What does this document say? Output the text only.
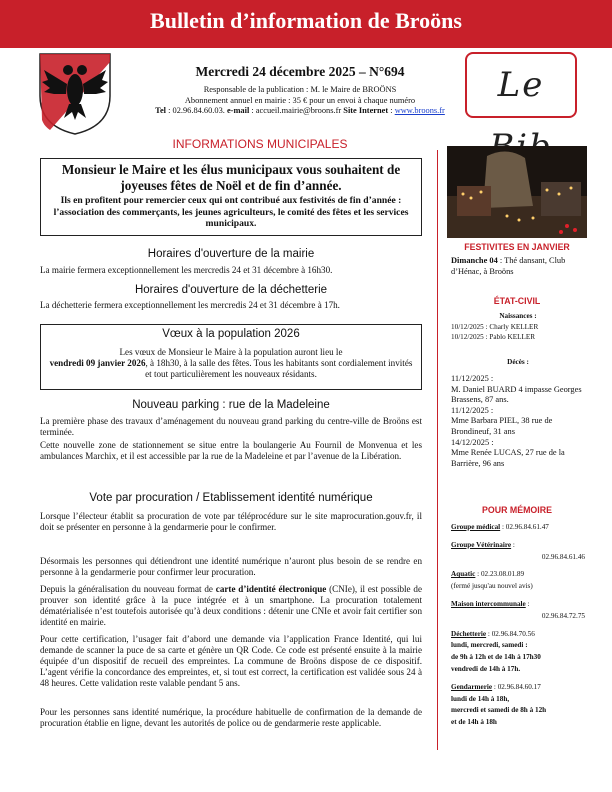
Bulletin d’information de Broöns
Le
Mercredi 24 décembre 2025 – N°694
Responsable de la publication : M. le Maire de BROÖNS
Abonnement annuel en mairie : 35 € pour un envoi à chaque numéro
Tel : 02.96.84.60.03. e-mail : accueil.mairie@broons.fr Site Internet : www.broons.fr
INFORMATIONS MUNICIPALES
Monsieur le Maire et les élus municipaux vous souhaitent de joyeuses fêtes de Noël et de fin d’année.
Ils en profitent pour remercier ceux qui ont contribué aux festivités de fin d’année : l’association des commerçants, les jeunes agriculteurs, le comité des fêtes et les services municipaux.
Horaires d'ouverture de la mairie
La mairie fermera exceptionnellement les mercredis 24 et 31 décembre à 16h30.
Horaires d'ouverture de la déchetterie
La déchetterie fermera exceptionnellement les mercredis 24 et 31 décembre à 17h.
Vœux à la population 2026
Les vœux de Monsieur le Maire à la population auront lieu le
vendredi 09 janvier 2026, à 18h30, à la salle des fêtes. Tous les habitants sont cordialement invités et tout particulièrement les nouveaux résidants.
Nouveau parking : rue de la Madeleine
La première phase des travaux d’aménagement du nouveau grand parking du centre-ville de Broöns est terminée.
Cette nouvelle zone de stationnement se situe entre la boulangerie Au Fournil de Monvenua et les ambulances Marchix, et il est accessible par la rue de la Madeleine et par l’avenue de la Libération.
Vote par procuration / Etablissement identité numérique
Lorsque l’électeur établit sa procuration de vote par téléprocédure sur le site maprocuration.gouv.fr, il doit se présenter en personne à la gendarmerie pour le confirmer.
Désormais les personnes qui détiendront une identité numérique n’auront plus besoin de se rendre en personne à la gendarmerie pour confirmer leur procuration.
Depuis la généralisation du nouveau format de carte d’identité électronique (CNIe), il est possible de prouver son identité grâce à la puce intégrée et à un smartphone. La procuration totalement dématérialisée n’est toutefois autorisée qu’à deux conditions : détenir une CNIe et avoir fait certifier son identité en mairie.
Pour cette certification, l’usager fait d’abord une demande via l’application France Identité, qui lui demande de scanner la puce de sa carte et génère un QR Code. Ce code est présenté ensuite à la mairie équipée d’un dispositif de recueil des empreintes. La commune de Broöns dispose de ce dispositif. L’agent vérifie la concordance des empreintes, et, si tout est correct, la certification est validée sous 24 à 48 heures. Cette validation reste valable pendant 5 ans.
Pour les personnes sans identité numérique, la procédure habituelle de confirmation de la demande de procuration établie en ligne, devant les autorités de police ou de gendarmerie reste applicable.
FESTIVITES EN JANVIER
Dimanche 04 : Thé dansant, Club d’Hénac, à Broöns
ÉTAT-CIVIL
Naissances :
10/12/2025 : Charly KELLER
10/12/2025 : Pablo KELLER
Décès :
11/12/2025 :
M. Daniel BUARD 4 impasse Georges Brassens, 87 ans.
11/12/2025 :
Mme Barbara PIEL, 38 rue de Brondineuf, 31 ans
14/12/2025 :
Mme Renée LUCAS, 27 rue de la Barrière, 96 ans
POUR MÉMOIRE
Groupe médical : 02.96.84.61.47
Groupe Vétérinaire :
02.96.84.61.46
Aquatic : 02.23.08.01.89
(fermé jusqu'au nouvel avis)
Maison intercommunale :
02.96.84.72.75
Déchetterie : 02.96.84.70.56
lundi, mercredi, samedi :
de 9h à 12h et de 14h à 17h30
vendredi de 14h à 17h.
Gendarmerie : 02.96.84.60.17
lundi de 14h à 18h,
mercredi et samedi de 8h à 12h
et de 14h à 18h
